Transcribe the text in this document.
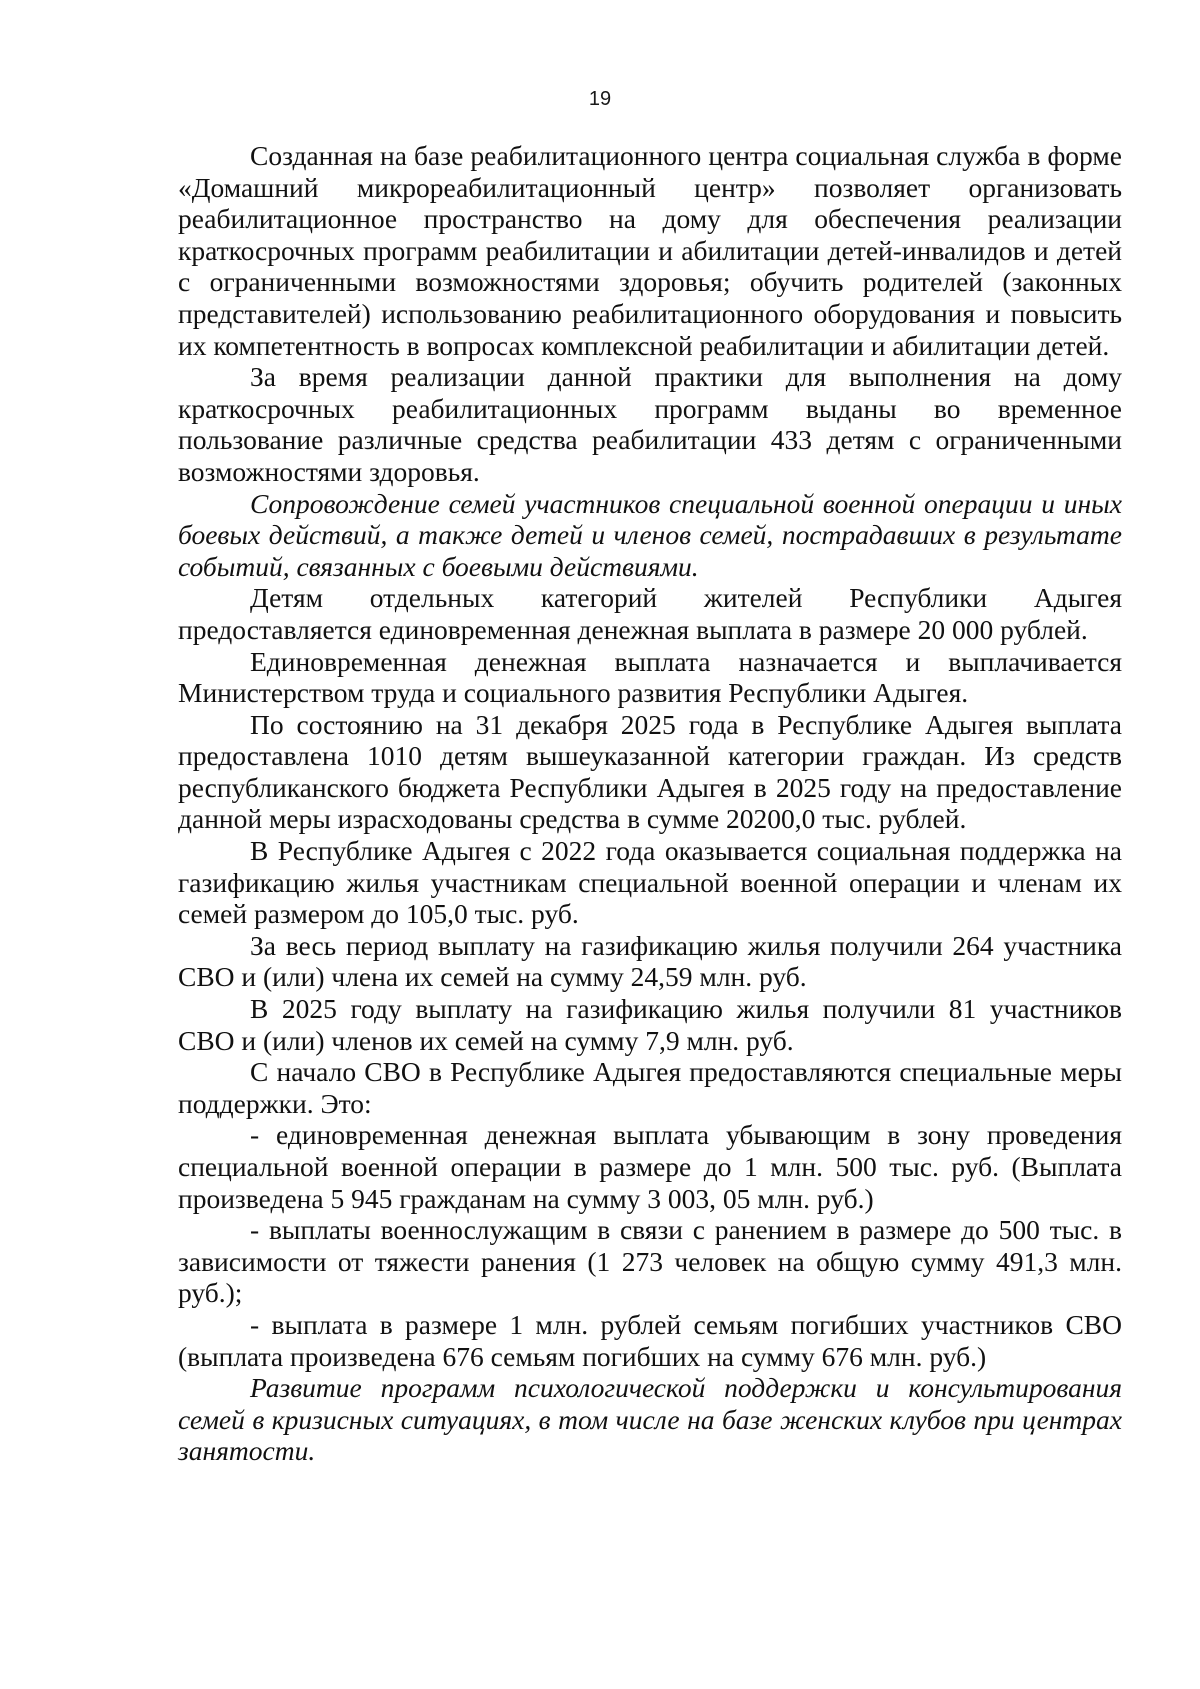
19

Созданная на базе реабилитационного центра социальная служба в форме «Домашний микрореабилитационный центр» позволяет организовать реабилитационное пространство на дому для обеспечения реализации краткосрочных программ реабилитации и абилитации детей-инвалидов и детей с ограниченными возможностями здоровья; обучить родителей (законных представителей) использованию реабилитационного оборудования и повысить их компетентность в вопросах комплексной реабилитации и абилитации детей.

За время реализации данной практики для выполнения на дому краткосрочных реабилитационных программ выданы во временное пользование различные средства реабилитации 433 детям с ограниченными возможностями здоровья.

Сопровождение семей участников специальной военной операции и иных боевых действий, а также детей и членов семей, пострадавших в результате событий, связанных с боевыми действиями.

Детям отдельных категорий жителей Республики Адыгея предоставляется единовременная денежная выплата в размере 20 000 рублей.

Единовременная денежная выплата назначается и выплачивается Министерством труда и социального развития Республики Адыгея.

По состоянию на 31 декабря 2025 года в Республике Адыгея выплата предоставлена 1010 детям вышеуказанной категории граждан. Из средств республиканского бюджета Республики Адыгея в 2025 году на предоставление данной меры израсходованы средства в сумме 20200,0 тыс. рублей.

В Республике Адыгея с 2022 года оказывается социальная поддержка на газификацию жилья участникам специальной военной операции и членам их семей размером до 105,0 тыс. руб.

За весь период выплату на газификацию жилья получили 264 участника СВО и (или) члена их семей на сумму 24,59 млн. руб.

В 2025 году выплату на газификацию жилья получили 81 участников СВО и (или) членов их семей на сумму 7,9 млн. руб.

С начало СВО в Республике Адыгея предоставляются специальные меры поддержки. Это:

- единовременная денежная выплата убывающим в зону проведения специальной военной операции в размере до 1 млн. 500 тыс. руб. (Выплата произведена 5 945 гражданам на сумму 3 003, 05 млн. руб.)

- выплаты военнослужащим в связи с ранением в размере до 500 тыс. в зависимости от тяжести ранения (1 273 человек на общую сумму 491,3 млн. руб.);

- выплата в размере 1 млн. рублей семьям погибших участников СВО (выплата произведена 676 семьям погибших на сумму 676 млн. руб.)

Развитие программ психологической поддержки и консультирования семей в кризисных ситуациях, в том числе на базе женских клубов при центрах занятости.
